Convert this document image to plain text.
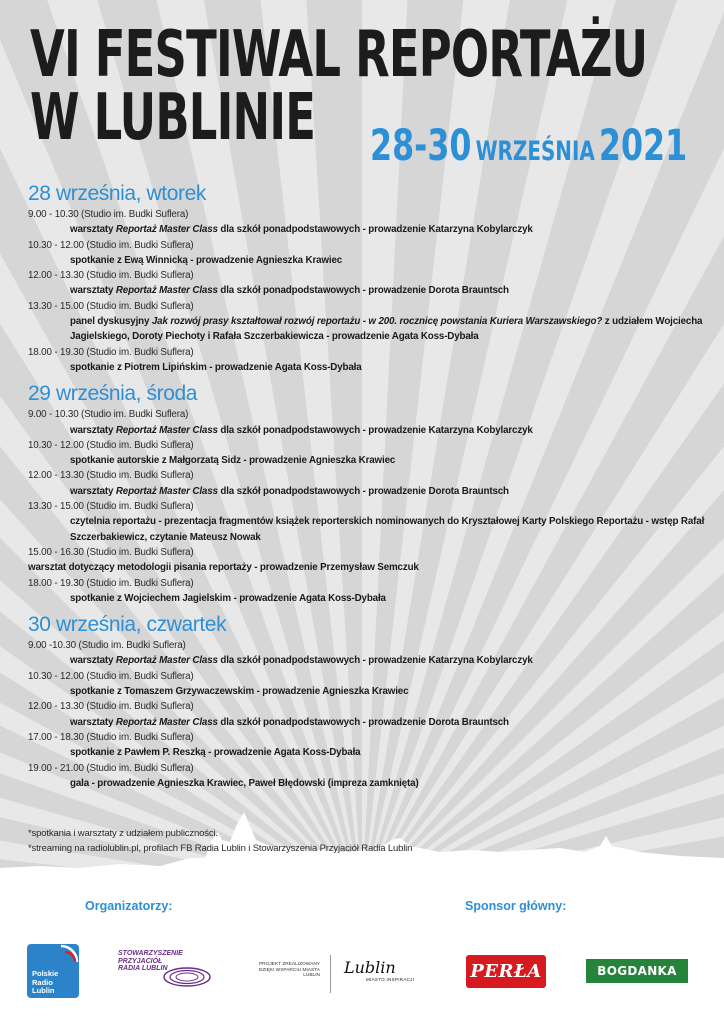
VI FESTIWAL REPORTAŻU
W LUBLINIE	28-30 WRZEŚNIA 2021
28 września, wtorek
9.00 - 10.30 (Studio im. Budki Suflera)
warsztaty Reportaż Master Class dla szkół ponadpodstawowych - prowadzenie Katarzyna Kobylarczyk
10.30 - 12.00 (Studio im. Budki Suflera)
spotkanie z Ewą Winnicką - prowadzenie Agnieszka Krawiec
12.00 - 13.30 (Studio im. Budki Suflera)
warsztaty Reportaż Master Class dla szkół ponadpodstawowych - prowadzenie Dorota Brauntsch
13.30 - 15.00 (Studio im. Budki Suflera)
panel dyskusyjny Jak rozwój prasy kształtował rozwój reportażu - w 200. rocznicę powstania Kuriera Warszawskiego? z udziałem Wojciecha Jagielskiego, Doroty Piechoty i Rafała Szczerbakiewicza - prowadzenie Agata Koss-Dybała
18.00 - 19.30 (Studio im. Budki Suflera)
spotkanie z Piotrem Lipińskim - prowadzenie Agata Koss-Dybała
29 września, środa
9.00 - 10.30 (Studio im. Budki Suflera)
warsztaty Reportaż Master Class dla szkół ponadpodstawowych - prowadzenie Katarzyna Kobylarczyk
10.30 - 12.00 (Studio im. Budki Suflera)
spotkanie autorskie z Małgorzatą Sidz - prowadzenie Agnieszka Krawiec
12.00 - 13.30 (Studio im. Budki Suflera)
warsztaty Reportaż Master Class dla szkół ponadpodstawowych - prowadzenie Dorota Brauntsch
13.30 - 15.00 (Studio im. Budki Suflera)
czytelnia reportażu - prezentacja fragmentów książek reporterskich nominowanych do Kryształowej Karty Polskiego Reportażu - wstęp Rafał Szczerbakiewicz, czytanie Mateusz Nowak
15.00 - 16.30 (Studio im. Budki Suflera)
warsztat dotyczący metodologii pisania reportaży - prowadzenie Przemysław Semczuk
18.00 - 19.30 (Studio im. Budki Suflera)
spotkanie z Wojciechem Jagielskim - prowadzenie Agata Koss-Dybała
30 września, czwartek
9.00 -10.30 (Studio im. Budki Suflera)
warsztaty Reportaż Master Class dla szkół ponadpodstawowych - prowadzenie Katarzyna Kobylarczyk
10.30 - 12.00 (Studio im. Budki Suflera)
spotkanie z Tomaszem Grzywaczewskim - prowadzenie Agnieszka Krawiec
12.00 - 13.30 (Studio im. Budki Suflera)
warsztaty Reportaż Master Class dla szkół ponadpodstawowych - prowadzenie Dorota Brauntsch
17.00 - 18.30 (Studio im. Budki Suflera)
spotkanie z Pawłem P. Reszką - prowadzenie Agata Koss-Dybała
19.00 - 21.00 (Studio im. Budki Suflera)
gala - prowadzenie Agnieszka Krawiec, Paweł Błędowski (impreza zamknięta)
*spotkania i warsztaty z udziałem publiczności.
*streaming na radiolublin.pl, profilach FB Radia Lublin i Stowarzyszenia Przyjaciół Radia Lublin
Organizatorzy:	Sponsor główny:
Polskie
Radio
Lublin
STOWARZYSZENIE PRZYJACIÓŁ RADIA LUBLIN
PROJEKT ZREALIZOWANY DZIĘKI WSPARCIU MIASTA LUBLIN Lublin
MIASTO INSPIRACJI	PERŁA	BOGDANKA
